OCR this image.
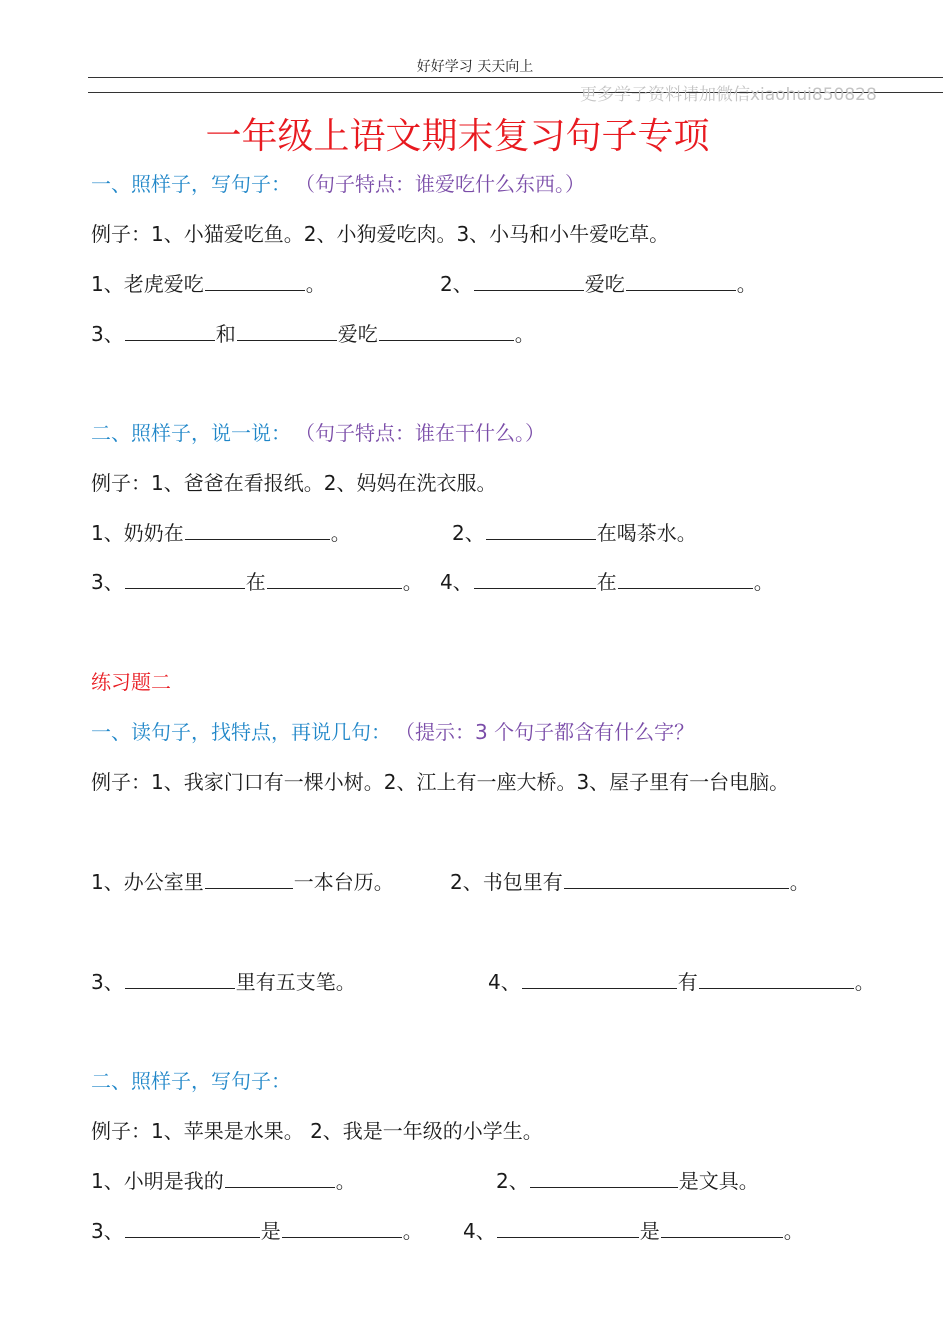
好好学习 天天向上
更多学子资料请加微信xiaohui850828
一年级上语文期末复习句子专项
一、照样子，写句子： （句子特点：谁爱吃什么东西。）
例子：1、小猫爱吃鱼。2、小狗爱吃肉。3、小马和小牛爱吃草。
1、老虎爱吃	。	2、	爱吃	。
3、	和	爱吃	。
二、照样子，说一说： （句子特点：谁在干什么。）
例子：1、爸爸在看报纸。2、妈妈在洗衣服。
1、奶奶在	。	2、	在喝茶水。
3、	在	。 4、	在	。
练习题二
一、读句子，找特点，再说几句： （提示：3 个句子都含有什么字？
例子：1、我家门口有一棵小树。2、江上有一座大桥。3、屋子里有一台电脑。
1、办公室里	一本台历。	2、书包里有	。
3、	里有五支笔。	4、	有	。
二、照样子，写句子：
例子：1、苹果是水果。 2、我是一年级的小学生。
1、小明是我的	。	2、	是文具。
3、	是	。 4、	是	。
